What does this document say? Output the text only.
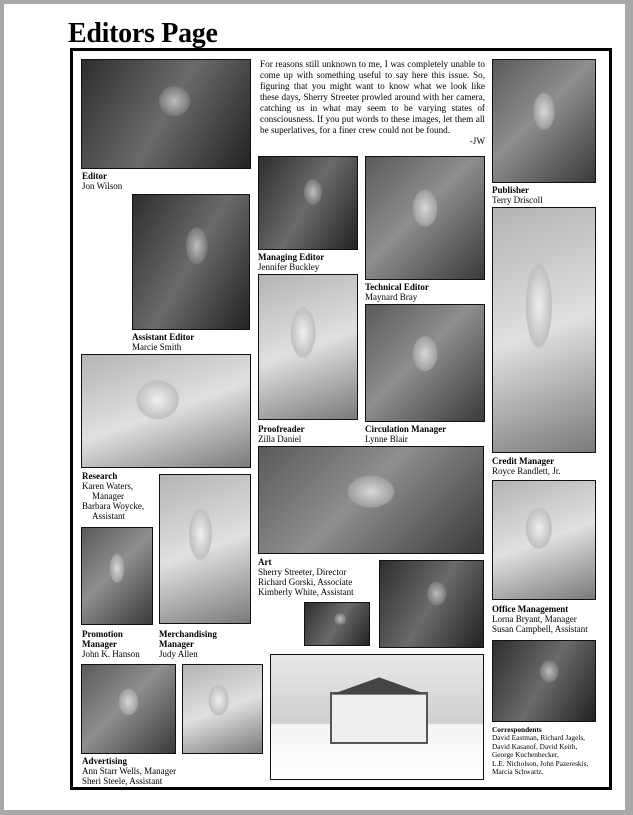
Editors Page
For reasons still unknown to me, I was completely unable to come up with something useful to say here this issue. So, figuring that you might want to know what we look like these days, Sherry Streeter prowled around with her camera, catching us in what may seem to be varying states of consciousness. If you put words to these images, let them all be superlatives, for a finer crew could not be found.
-JW
Editor
Jon Wilson	Publisher
Terry Driscoll
Managing Editor
Jennifer Buckley
Technical Editor
Maynard Bray
Assistant Editor
Marcie Smith
Proofreader
Zilla Daniel
Circulation Manager
Lynne Blair
Credit Manager
Royce Randlett, Jr.
Research
Karen Waters,
Manager
Barbara Woycke,
Assistant
Art
Sherry Streeter, Director
Richard Gorski, Associate
Kimberly White, Assistant
Office Management
Lorna Bryant, Manager
Susan Campbell, Assistant
Promotion Manager
John K. Hanson
Merchandising Manager
Judy Allen
Correspondents
David Eastman, Richard Jagels,
David Kasanof, David Keith,
George Kuchenbecker,
L.E. Nicholson, John Pazereskis,
Marcia Schwartz.
Advertising
Ann Starr Wells, Manager
Sheri Steele, Assistant
